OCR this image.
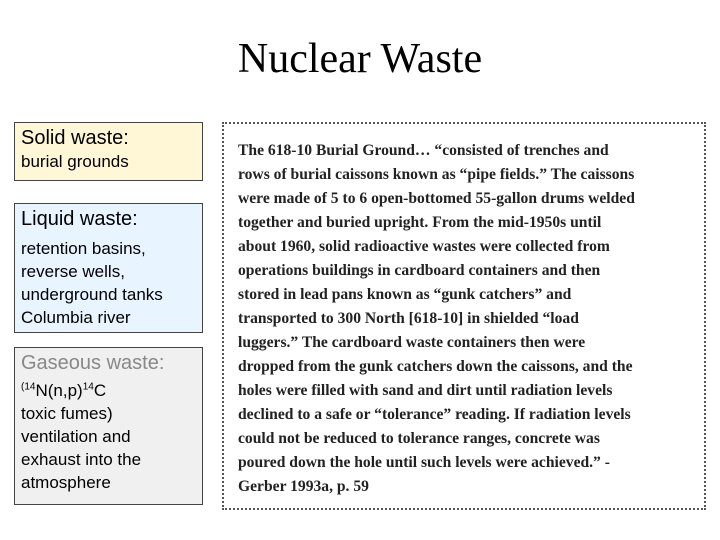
Nuclear Waste
Solid waste:
burial grounds
Liquid waste:
retention basins,
reverse wells,
underground tanks
Columbia river
Gaseous waste:
$^{(14}N(n,p)^{14}C$
toxic fumes)
ventilation and
exhaust into the
atmosphere
The 618-10 Burial Ground… “consisted of trenches and
rows of burial caissons known as “pipe fields.” The caissons
were made of 5 to 6 open-bottomed 55-gallon drums welded
together and buried upright. From the mid-1950s until
about 1960, solid radioactive wastes were collected from
operations buildings in cardboard containers and then
stored in lead pans known as “gunk catchers” and
transported to 300 North [618-10] in shielded “load
luggers.” The cardboard waste containers then were
dropped from the gunk catchers down the caissons, and the
holes were filled with sand and dirt until radiation levels
declined to a safe or “tolerance” reading. If radiation levels
could not be reduced to tolerance ranges, concrete was
poured down the hole until such levels were achieved.” -
Gerber 1993a, p. 59
